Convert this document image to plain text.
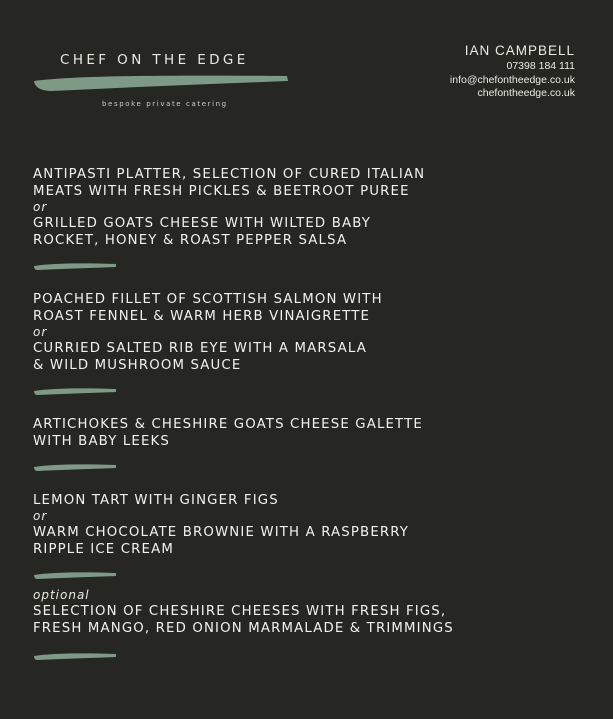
CHEF ON THE EDGE
bespoke private catering
IAN CAMPBELL
07398 184 111
info@chefontheedge.co.uk
chefontheedge.co.uk
ANTIPASTI PLATTER, SELECTION OF CURED ITALIAN
MEATS WITH FRESH PICKLES & BEETROOT PUREE
or
GRILLED GOATS CHEESE WITH WILTED BABY
ROCKET, HONEY & ROAST PEPPER SALSA
POACHED FILLET OF SCOTTISH SALMON WITH
ROAST FENNEL & WARM HERB VINAIGRETTE
or
CURRIED SALTED RIB EYE WITH A MARSALA
& WILD MUSHROOM SAUCE
ARTICHOKES & CHESHIRE GOATS CHEESE GALETTE
WITH BABY LEEKS
LEMON TART WITH GINGER FIGS
or
WARM CHOCOLATE BROWNIE WITH A RASPBERRY
RIPPLE ICE CREAM
optional
SELECTION OF CHESHIRE CHEESES WITH FRESH FIGS,
FRESH MANGO, RED ONION MARMALADE & TRIMMINGS
